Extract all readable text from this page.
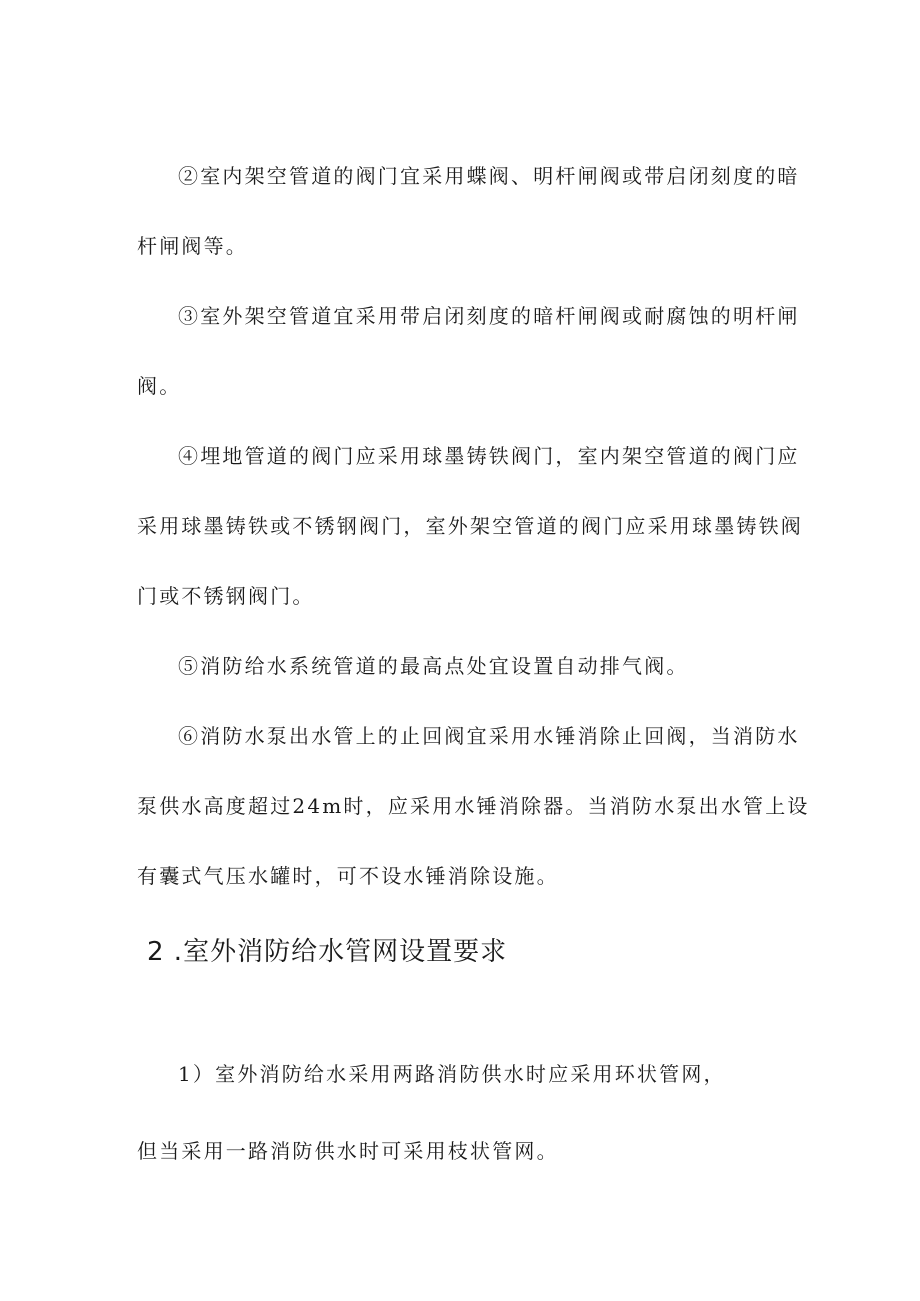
②室内架空管道的阀门宜采用蝶阀、明杆闸阀或带启闭刻度的暗
杆闸阀等。
③室外架空管道宜采用带启闭刻度的暗杆闸阀或耐腐蚀的明杆闸
阀。
④埋地管道的阀门应采用球墨铸铁阀门，室内架空管道的阀门应
采用球墨铸铁或不锈钢阀门，室外架空管道的阀门应采用球墨铸铁阀
门或不锈钢阀门。
⑤消防给水系统管道的最高点处宜设置自动排气阀。
⑥消防水泵出水管上的止回阀宜采用水锤消除止回阀，当消防水
泵供水高度超过24m时，应采用水锤消除器。当消防水泵出水管上设
有囊式气压水罐时，可不设水锤消除设施。
2 .室外消防给水管网设置要求
1）室外消防给水采用两路消防供水时应采用环状管网，
但当采用一路消防供水时可采用枝状管网。
